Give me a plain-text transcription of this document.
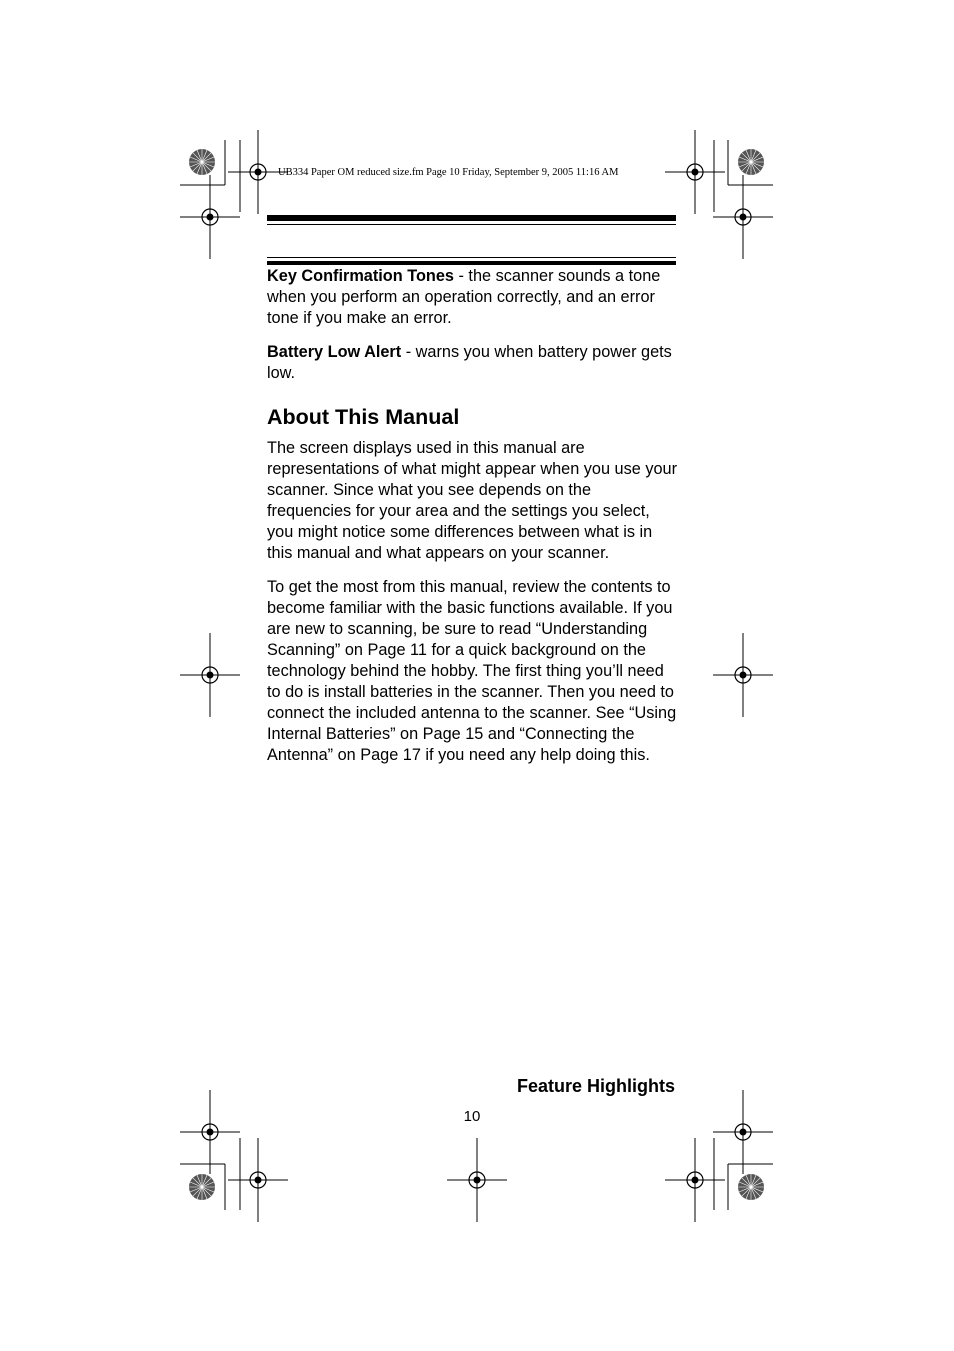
UB334 Paper OM reduced size.fm Page 10 Friday, September 9, 2005 11:16 AM

Key Confirmation Tones - the scanner sounds a tone when you perform an operation correctly, and an error tone if you make an error.

Battery Low Alert - warns you when battery power gets low.

About This Manual

The screen displays used in this manual are representations of what might appear when you use your scanner. Since what you see depends on the frequencies for your area and the settings you select, you might notice some differences between what is in this manual and what appears on your scanner.

To get the most from this manual, review the contents to become familiar with the basic functions available. If you are new to scanning, be sure to read “Understanding Scanning” on Page 11 for a quick background on the technology behind the hobby. The first thing you’ll need to do is install batteries in the scanner. Then you need to connect the included antenna to the scanner. See “Using Internal Batteries” on Page 15 and “Connecting the Antenna” on Page 17 if you need any help doing this.

Feature Highlights
10
